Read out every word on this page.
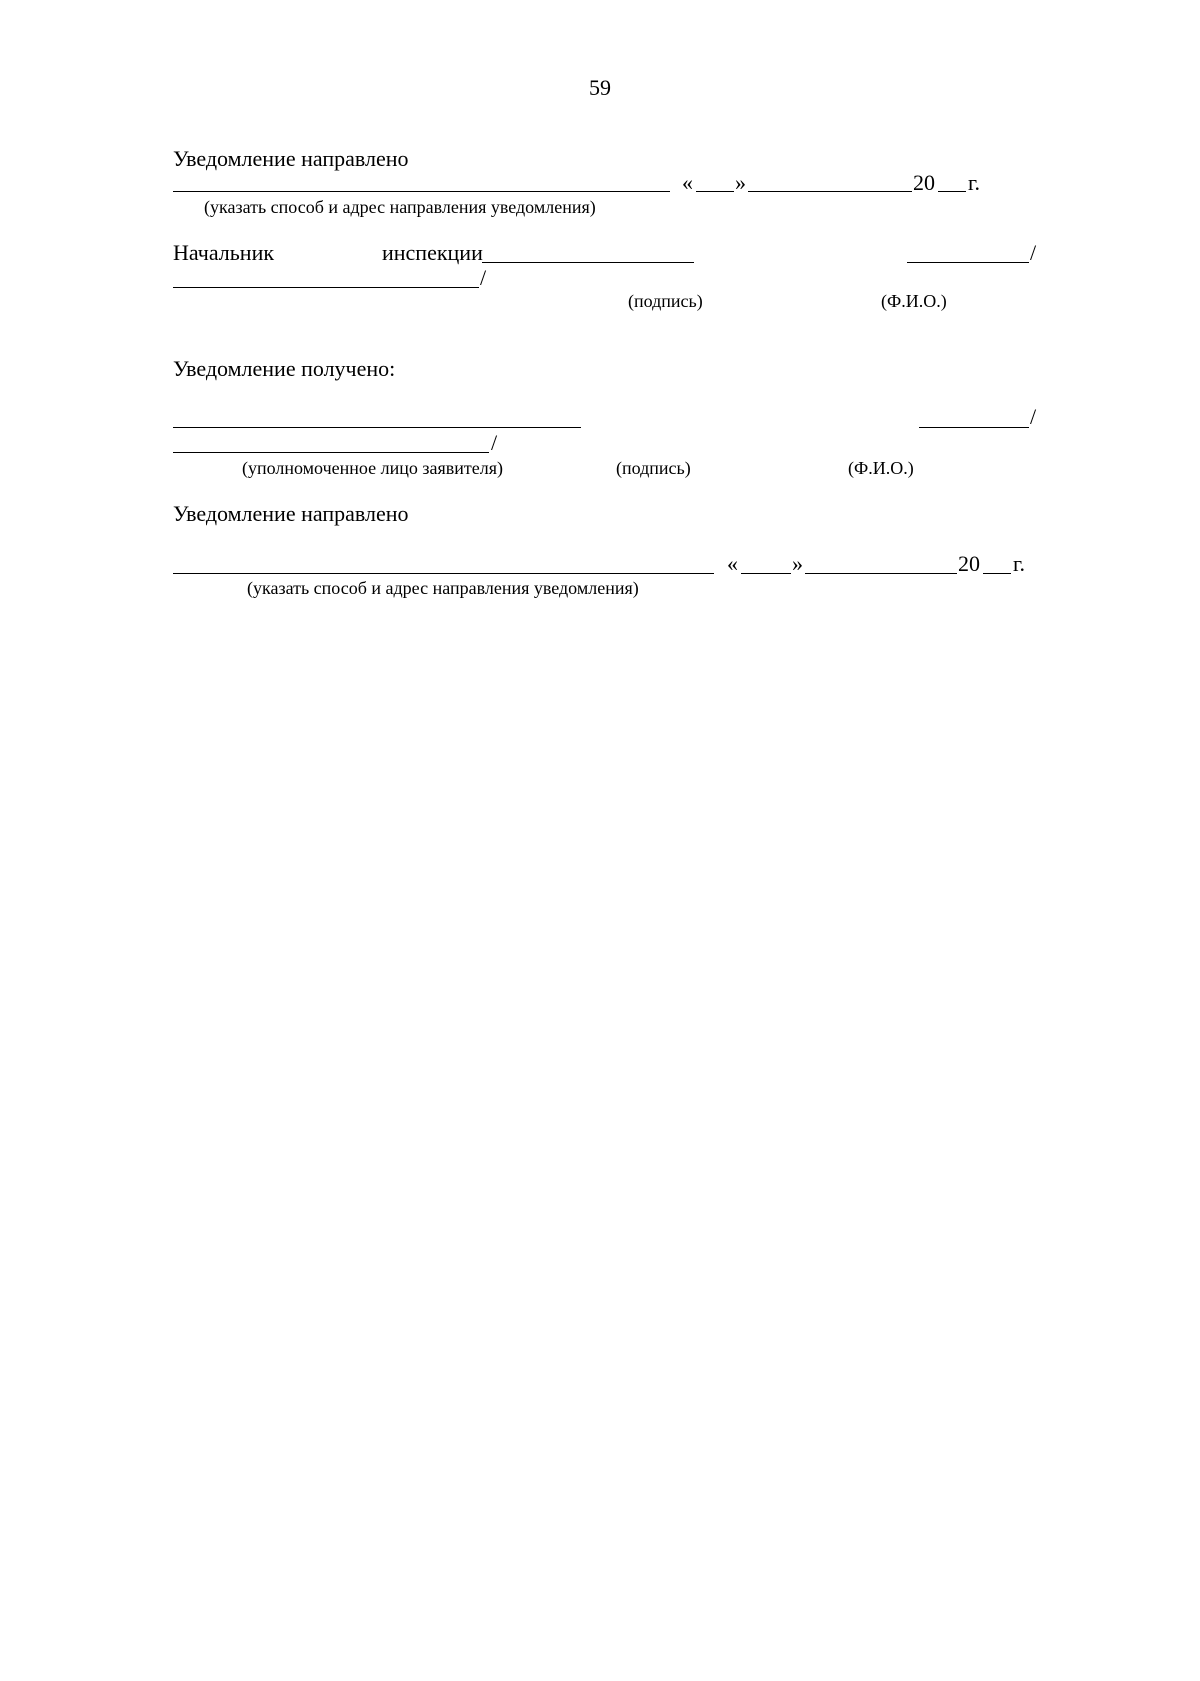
59
Уведомление направлено
« »	20 г.
(указать способ и адрес направления уведомления)
Начальник	инспекции	/
/
(подпись)	(Ф.И.О.)
Уведомление получено:
/
/
(уполномоченное лицо заявителя)	(подпись)	(Ф.И.О.)
Уведомление направлено
« »	20 г.
(указать способ и адрес направления уведомления)
